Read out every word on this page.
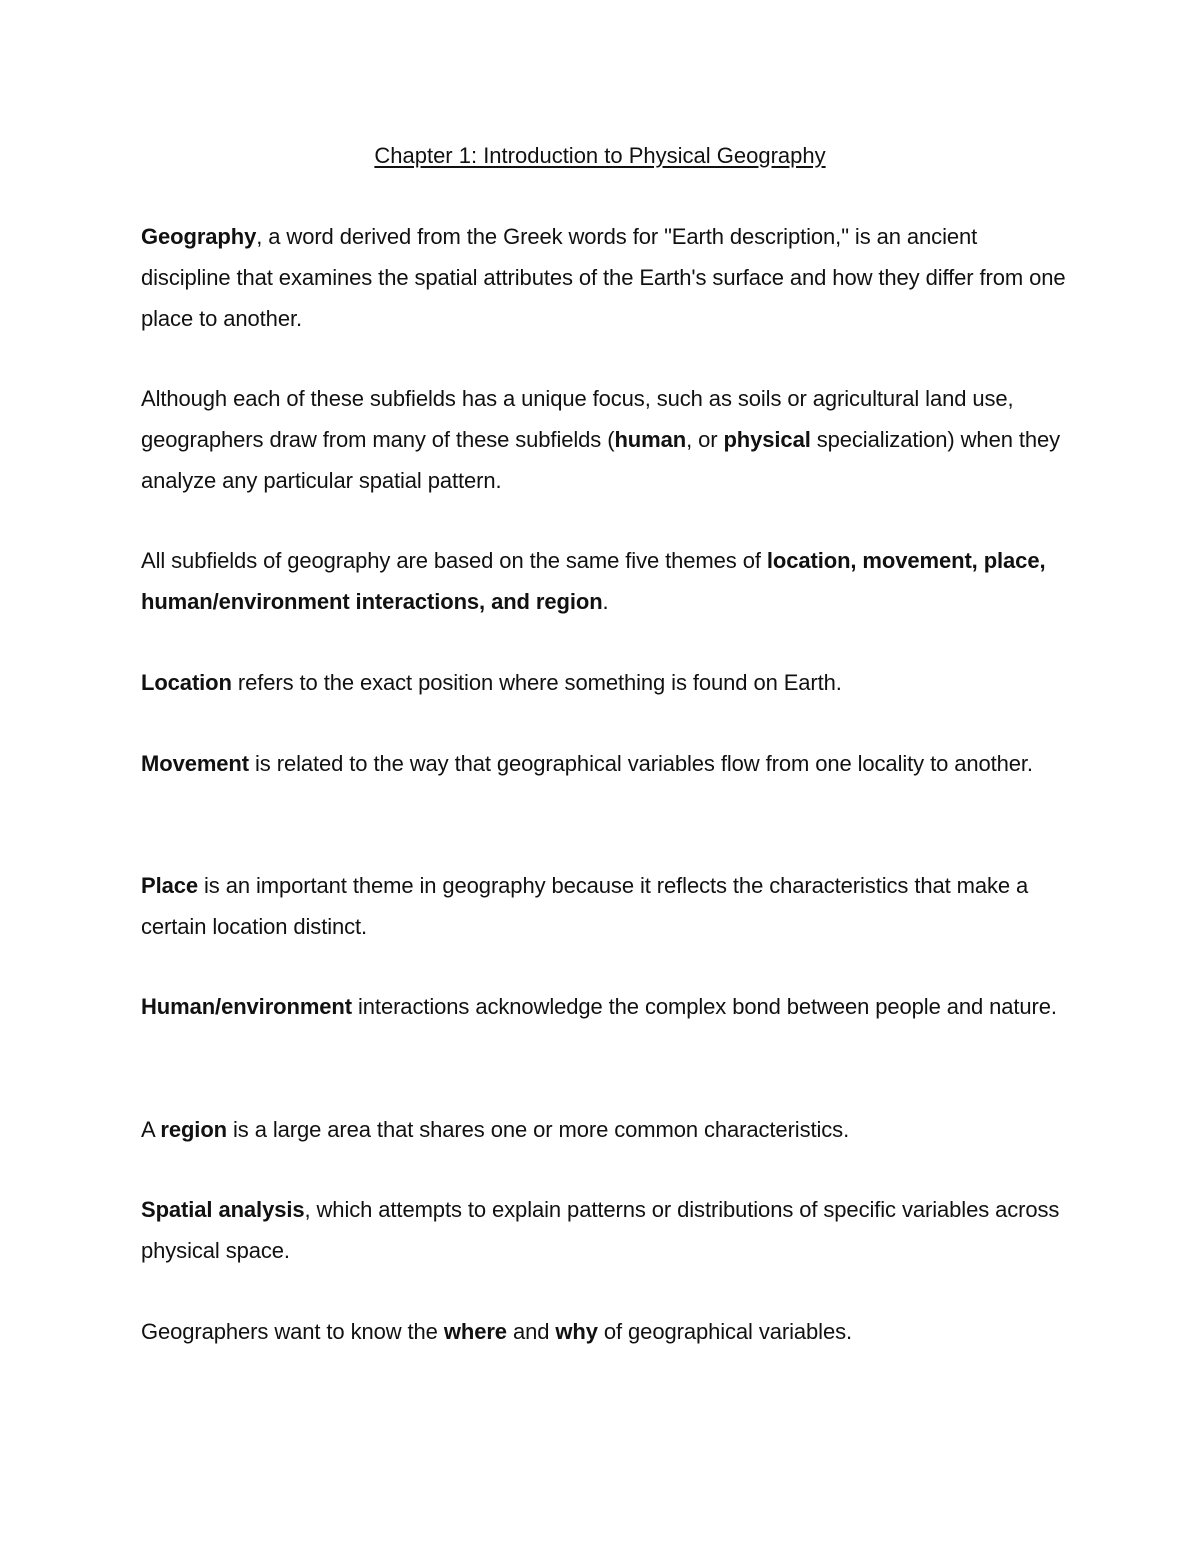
Chapter 1: Introduction to Physical Geography

Geography, a word derived from the Greek words for "Earth description," is an ancient discipline that examines the spatial attributes of the Earth's surface and how they differ from one place to another.

Although each of these subfields has a unique focus, such as soils or agricultural land use, geographers draw from many of these subfields (human, or physical specialization) when they analyze any particular spatial pattern.

All subfields of geography are based on the same five themes of location, movement, place, human/environment interactions, and region.

Location refers to the exact position where something is found on Earth.

Movement is related to the way that geographical variables flow from one locality to another.

Place is an important theme in geography because it reflects the characteristics that make a certain location distinct.

Human/environment interactions acknowledge the complex bond between people and nature.

A region is a large area that shares one or more common characteristics.

Spatial analysis, which attempts to explain patterns or distributions of specific variables across physical space.

Geographers want to know the where and why of geographical variables.
